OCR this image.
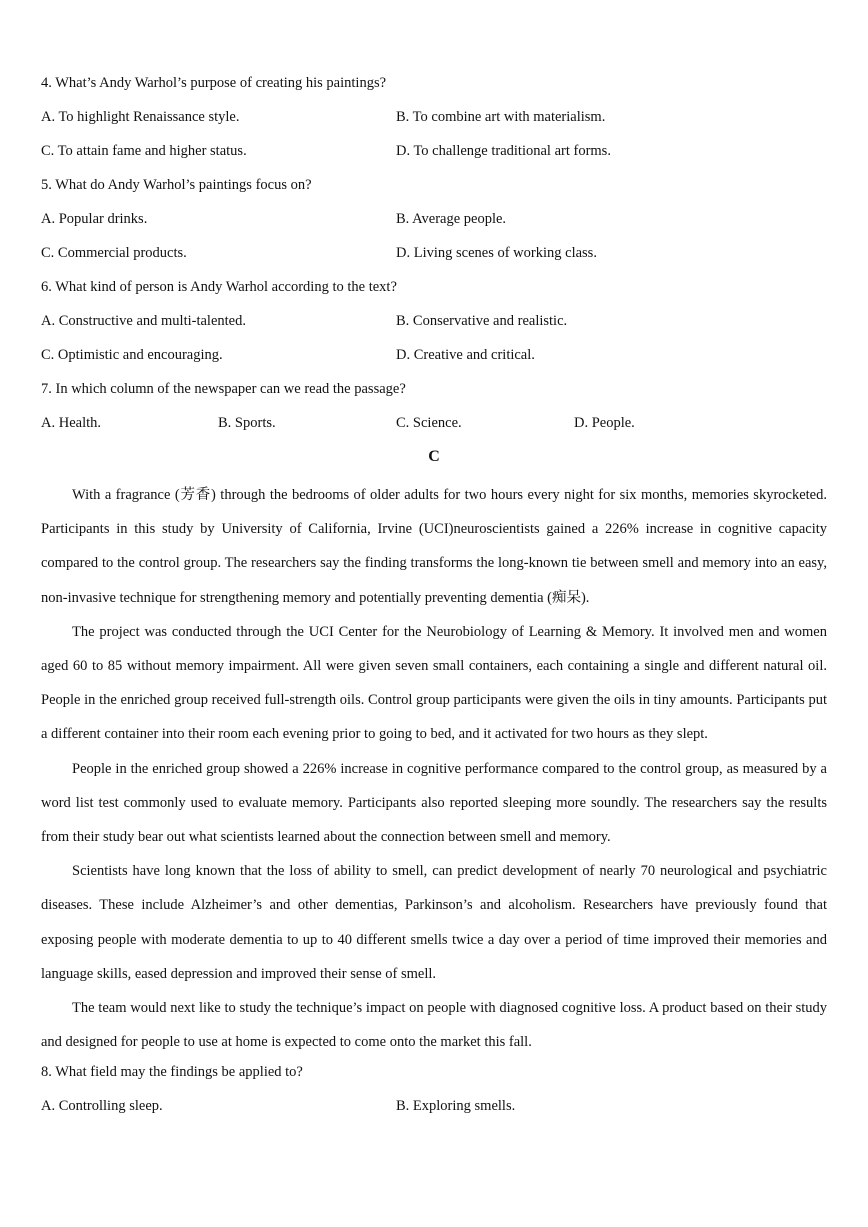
4. What’s Andy Warhol’s purpose of creating his paintings?
A. To highlight Renaissance style.	B. To combine art with materialism.
C. To attain fame and higher status.	D. To challenge traditional art forms.
5. What do Andy Warhol’s paintings focus on?
A. Popular drinks.	B. Average people.
C. Commercial products.	D. Living scenes of working class.
6. What kind of person is Andy Warhol according to the text?
A. Constructive and multi-talented.	B. Conservative and realistic.
C. Optimistic and encouraging.	D. Creative and critical.
7. In which column of the newspaper can we read the passage?
A. Health.	B. Sports.	C. Science.	D. People.
C

With a fragrance (芳香) through the bedrooms of older adults for two hours every night for six months, memories skyrocketed. Participants in this study by University of California, Irvine (UCI)neuroscientists gained a 226% increase in cognitive capacity compared to the control group. The researchers say the finding transforms the long-known tie between smell and memory into an easy, non-invasive technique for strengthening memory and potentially preventing dementia (痴呆).

The project was conducted through the UCI Center for the Neurobiology of Learning & Memory. It involved men and women aged 60 to 85 without memory impairment. All were given seven small containers, each containing a single and different natural oil. People in the enriched group received full-strength oils. Control group participants were given the oils in tiny amounts. Participants put a different container into their room each evening prior to going to bed, and it activated for two hours as they slept.

People in the enriched group showed a 226% increase in cognitive performance compared to the control group, as measured by a word list test commonly used to evaluate memory. Participants also reported sleeping more soundly. The researchers say the results from their study bear out what scientists learned about the connection between smell and memory.

Scientists have long known that the loss of ability to smell, can predict development of nearly 70 neurological and psychiatric diseases. These include Alzheimer’s and other dementias, Parkinson’s and alcoholism. Researchers have previously found that exposing people with moderate dementia to up to 40 different smells twice a day over a period of time improved their memories and language skills, eased depression and improved their sense of smell.

The team would next like to study the technique’s impact on people with diagnosed cognitive loss. A product based on their study and designed for people to use at home is expected to come onto the market this fall.

8. What field may the findings be applied to?
A. Controlling sleep.	B. Exploring smells.
